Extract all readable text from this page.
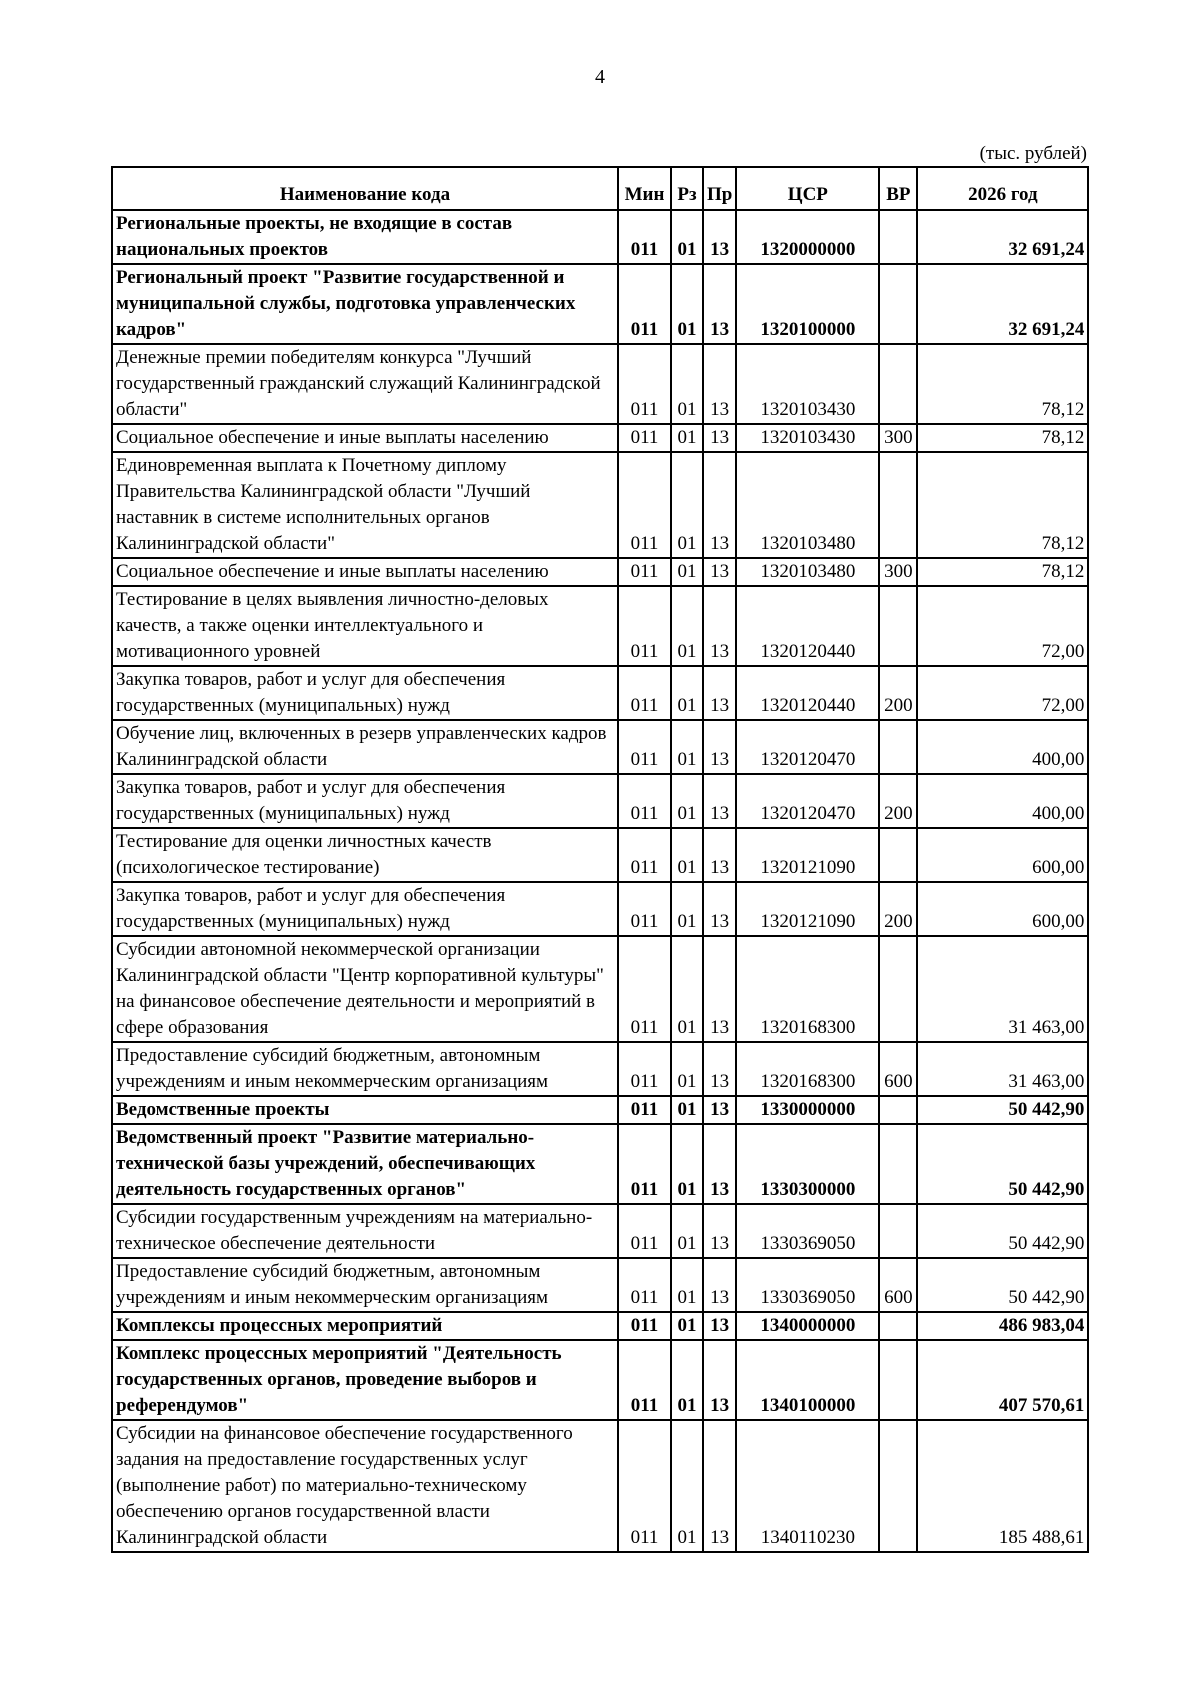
4
(тыс. рублей)
Наименование кода	Мин	Рз	Пр	ЦСР	ВР	2026 год
Региональные проекты, не входящие в состав национальных проектов	011	01	13	1320000000		32 691,24
Региональный проект "Развитие государственной и муниципальной службы, подготовка управленческих кадров"	011	01	13	1320100000		32 691,24
Денежные премии победителям конкурса "Лучший государственный гражданский служащий Калининградской области"	011	01	13	1320103430		78,12
Социальное обеспечение и иные выплаты населению	011	01	13	1320103430	300	78,12
Единовременная выплата к Почетному диплому Правительства Калининградской области "Лучший наставник в системе исполнительных органов Калининградской области"	011	01	13	1320103480		78,12
Социальное обеспечение и иные выплаты населению	011	01	13	1320103480	300	78,12
Тестирование в целях выявления личностно-деловых качеств, а также оценки интеллектуального и мотивационного уровней	011	01	13	1320120440		72,00
Закупка товаров, работ и услуг для обеспечения государственных (муниципальных) нужд	011	01	13	1320120440	200	72,00
Обучение лиц, включенных в резерв управленческих кадров Калининградской области	011	01	13	1320120470		400,00
Закупка товаров, работ и услуг для обеспечения государственных (муниципальных) нужд	011	01	13	1320120470	200	400,00
Тестирование для оценки личностных качеств (психологическое тестирование)	011	01	13	1320121090		600,00
Закупка товаров, работ и услуг для обеспечения государственных (муниципальных) нужд	011	01	13	1320121090	200	600,00
Субсидии автономной некоммерческой организации Калининградской области "Центр корпоративной культуры" на финансовое обеспечение деятельности и мероприятий в сфере образования	011	01	13	1320168300		31 463,00
Предоставление субсидий бюджетным, автономным учреждениям и иным некоммерческим организациям	011	01	13	1320168300	600	31 463,00
Ведомственные проекты	011	01	13	1330000000		50 442,90
Ведомственный проект "Развитие материально-технической базы учреждений, обеспечивающих деятельность государственных органов"	011	01	13	1330300000		50 442,90
Субсидии государственным учреждениям на материально-техническое обеспечение деятельности	011	01	13	1330369050		50 442,90
Предоставление субсидий бюджетным, автономным учреждениям и иным некоммерческим организациям	011	01	13	1330369050	600	50 442,90
Комплексы процессных мероприятий	011	01	13	1340000000		486 983,04
Комплекс процессных мероприятий "Деятельность государственных органов, проведение выборов и референдумов"	011	01	13	1340100000		407 570,61
Субсидии на финансовое обеспечение государственного задания на предоставление государственных услуг (выполнение работ) по материально-техническому обеспечению органов государственной власти Калининградской области	011	01	13	1340110230		185 488,61
